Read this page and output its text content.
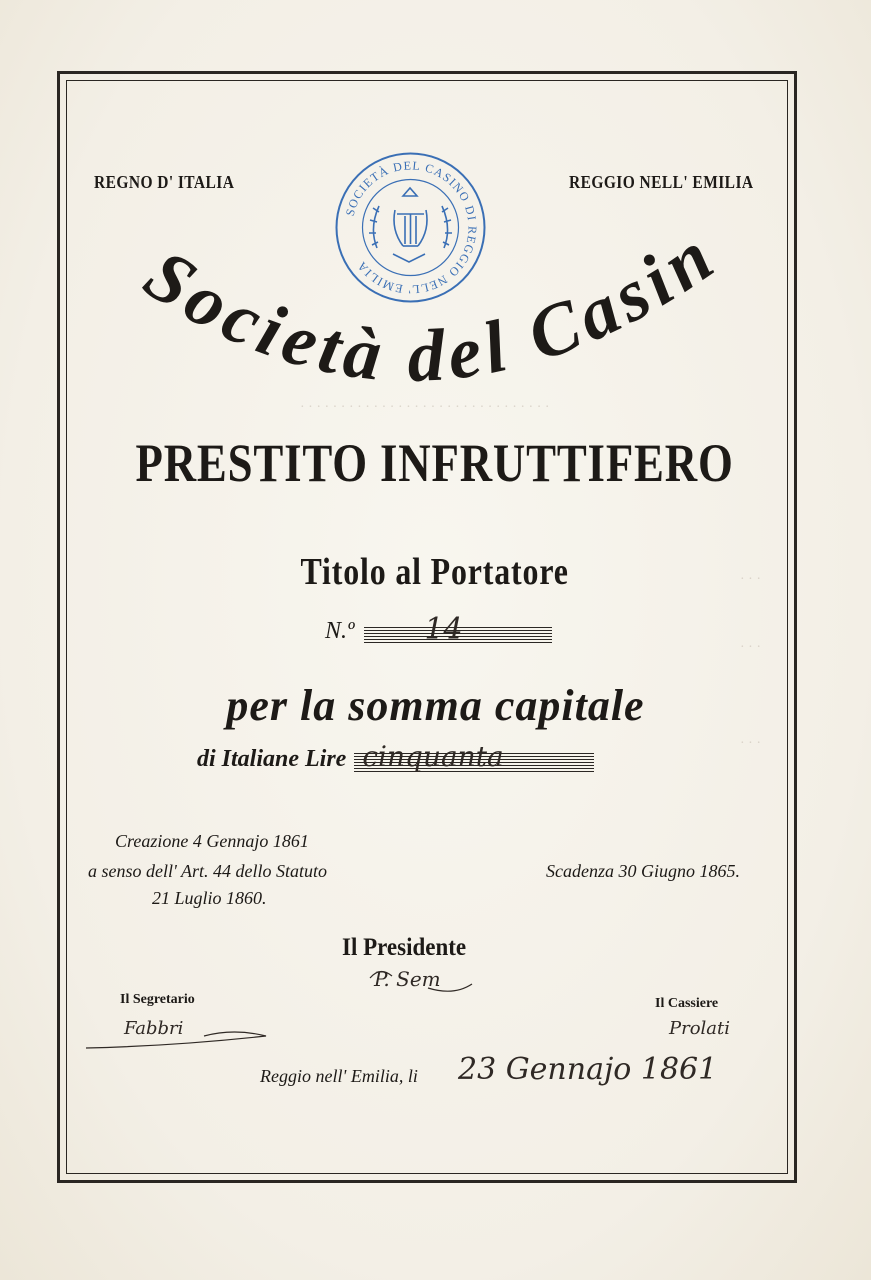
· · · · · · · · · · · · · · · · · · · · · · · · · · · · · · ·
· · ·
· · ·
· · ·
REGNO D' ITALIA	REGGIO NELL' EMILIA
SOCIETÀ DEL CASINO DI REGGIO NELL' EMILIA
Società del Casin
PRESTITO INFRUTTIFERO
Titolo al Portatore
N.º 14
per la somma capitale
di Italiane Lire cinquanta
Creazione 4 Gennajo 1861
a senso dell' Art. 44 dello Statuto
21 Luglio 1860.
Scadenza 30 Giugno 1865.
Il Presidente
P. Sem
Il Segretario
Fabbri
Il Cassiere
Prolati
Reggio nell' Emilia, li 23 Gennajo 1861
